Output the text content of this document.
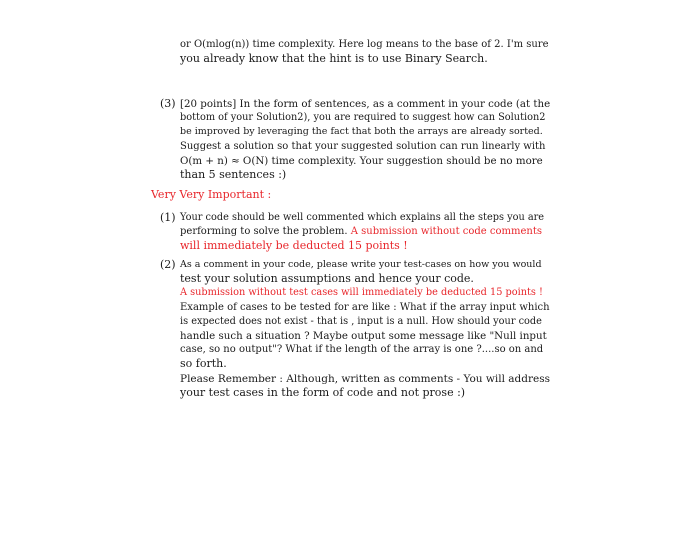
or O(mlog(n)) time complexity. Here log means to the base of 2. I'm sure
you already know that the hint is to use Binary Search.
(3) [20 points] In the form of sentences, as a comment in your code (at the
bottom of your Solution2), you are required to suggest how can Solution2
be improved by leveraging the fact that both the arrays are already sorted.
Suggest a solution so that your suggested solution can run linearly with
O(m + n) ≈ O(N) time complexity. Your suggestion should be no more
than 5 sentences :)
Very Very Important :
(1) Your code should be well commented which explains all the steps you are
performing to solve the problem. A submission without code comments
will immediately be deducted 15 points !
(2) As a comment in your code, please write your test-cases on how you would
test your solution assumptions and hence your code.
A submission without test cases will immediately be deducted 15 points !
Example of cases to be tested for are like : What if the array input which
is expected does not exist - that is , input is a null. How should your code
handle such a situation ? Maybe output some message like "Null input
case, so no output"? What if the length of the array is one ?....so on and
so forth.
Please Remember : Although, written as comments - You will address
your test cases in the form of code and not prose :)
